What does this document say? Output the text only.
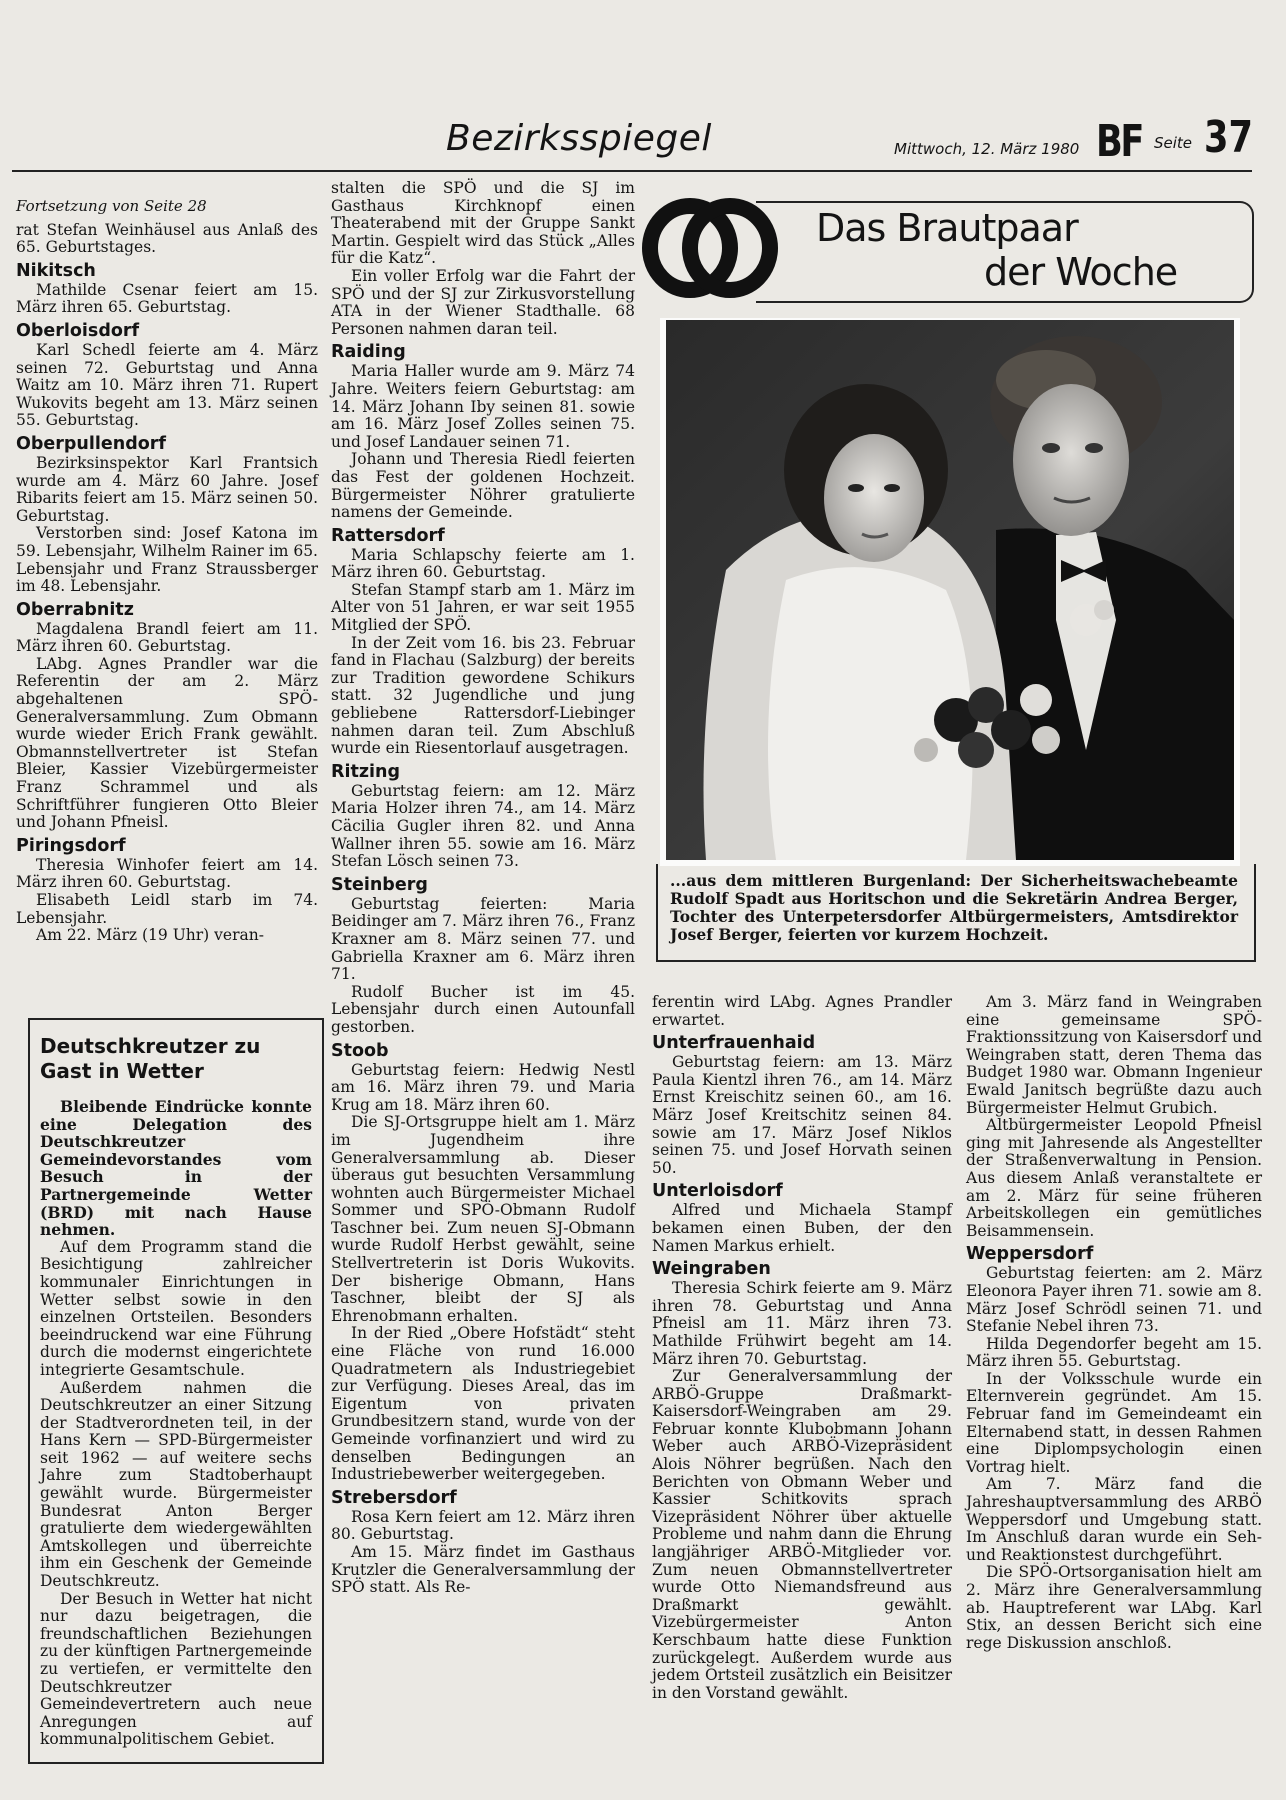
Bezirksspiegel	Mittwoch, 12. März 1980 BF Seite 37

Fortsetzung von Seite 28

rat Stefan Weinhäusel aus Anlaß des 65. Geburtstages.

Nikitsch

Mathilde Csenar feiert am 15. März ihren 65. Geburtstag.

Oberloisdorf

Karl Schedl feierte am 4. März seinen 72. Geburtstag und Anna Waitz am 10. März ihren 71. Rupert Wukovits begeht am 13. März seinen 55. Geburtstag.

Oberpullendorf

Bezirksinspektor Karl Frantsich wurde am 4. März 60 Jahre. Josef Ribarits feiert am 15. März seinen 50. Geburtstag.

Verstorben sind: Josef Katona im 59. Lebensjahr, Wilhelm Rainer im 65. Lebensjahr und Franz Straussberger im 48. Lebensjahr.

Oberrabnitz

Magdalena Brandl feiert am 11. März ihren 60. Geburtstag.

LAbg. Agnes Prandler war die Referentin der am 2. März abgehaltenen SPÖ-Generalversammlung. Zum Obmann wurde wieder Erich Frank gewählt. Obmannstellvertreter ist Stefan Bleier, Kassier Vizebürgermeister Franz Schrammel und als Schriftführer fungieren Otto Bleier und Johann Pfneisl.

Piringsdorf

Theresia Winhofer feiert am 14. März ihren 60. Geburtstag.

Elisabeth Leidl starb im 74. Lebensjahr.

Am 22. März (19 Uhr) veran-

Deutschkreutzer zu Gast in Wetter

Bleibende Eindrücke konnte eine Delegation des Deutschkreutzer Gemeindevorstandes vom Besuch in der Partnergemeinde Wetter (BRD) mit nach Hause nehmen.

Auf dem Programm stand die Besichtigung zahlreicher kommunaler Einrichtungen in Wetter selbst sowie in den einzelnen Ortsteilen. Besonders beeindruckend war eine Führung durch die modernst eingerichtete integrierte Gesamtschule.

Außerdem nahmen die Deutschkreutzer an einer Sitzung der Stadtverordneten teil, in der Hans Kern — SPD-Bürgermeister seit 1962 — auf weitere sechs Jahre zum Stadtoberhaupt gewählt wurde. Bürgermeister Bundesrat Anton Berger gratulierte dem wiedergewählten Amtskollegen und überreichte ihm ein Geschenk der Gemeinde Deutschkreutz.

Der Besuch in Wetter hat nicht nur dazu beigetragen, die freundschaftlichen Beziehungen zu der künftigen Partnergemeinde zu vertiefen, er vermittelte den Deutschkreutzer Gemeindevertretern auch neue Anregungen auf kommunalpolitischem Gebiet.

stalten die SPÖ und die SJ im Gasthaus Kirchknopf einen Theaterabend mit der Gruppe Sankt Martin. Gespielt wird das Stück „Alles für die Katz“.

Ein voller Erfolg war die Fahrt der SPÖ und der SJ zur Zirkusvorstellung ATA in der Wiener Stadthalle. 68 Personen nahmen daran teil.

Raiding

Maria Haller wurde am 9. März 74 Jahre. Weiters feiern Geburtstag: am 14. März Johann Iby seinen 81. sowie am 16. März Josef Zolles seinen 75. und Josef Landauer seinen 71.

Johann und Theresia Riedl feierten das Fest der goldenen Hochzeit. Bürgermeister Nöhrer gratulierte namens der Gemeinde.

Rattersdorf

Maria Schlapschy feierte am 1. März ihren 60. Geburtstag.

Stefan Stampf starb am 1. März im Alter von 51 Jahren, er war seit 1955 Mitglied der SPÖ.

In der Zeit vom 16. bis 23. Februar fand in Flachau (Salzburg) der bereits zur Tradition gewordene Schikurs statt. 32 Jugendliche und jung gebliebene Rattersdorf-Liebinger nahmen daran teil. Zum Abschluß wurde ein Riesentorlauf ausgetragen.

Ritzing

Geburtstag feiern: am 12. März Maria Holzer ihren 74., am 14. März Cäcilia Gugler ihren 82. und Anna Wallner ihren 55. sowie am 16. März Stefan Lösch seinen 73.

Steinberg

Geburtstag feierten: Maria Beidinger am 7. März ihren 76., Franz Kraxner am 8. März seinen 77. und Gabriella Kraxner am 6. März ihren 71.

Rudolf Bucher ist im 45. Lebensjahr durch einen Autounfall gestorben.

Stoob

Geburtstag feiern: Hedwig Nestl am 16. März ihren 79. und Maria Krug am 18. März ihren 60.

Die SJ-Ortsgruppe hielt am 1. März im Jugendheim ihre Generalversammlung ab. Dieser überaus gut besuchten Versammlung wohnten auch Bürgermeister Michael Sommer und SPÖ-Obmann Rudolf Taschner bei. Zum neuen SJ-Obmann wurde Rudolf Herbst gewählt, seine Stellvertreterin ist Doris Wukovits. Der bisherige Obmann, Hans Taschner, bleibt der SJ als Ehrenobmann erhalten.

In der Ried „Obere Hofstädt“ steht eine Fläche von rund 16.000 Quadratmetern als Industriegebiet zur Verfügung. Dieses Areal, das im Eigentum von privaten Grundbesitzern stand, wurde von der Gemeinde vorfinanziert und wird zu denselben Bedingungen an Industriebewerber weitergegeben.

Strebersdorf

Rosa Kern feiert am 12. März ihren 80. Geburtstag.

Am 15. März findet im Gasthaus Krutzler die Generalversammlung der SPÖ statt. Als Re-

Das Brautpaar
der Woche
...aus dem mittleren Burgenland: Der Sicherheitswachebeamte Rudolf Spadt aus Horitschon und die Sekretärin Andrea Berger, Tochter des Unterpetersdorfer Altbürgermeisters, Amtsdirektor Josef Berger, feierten vor kurzem Hochzeit.

ferentin wird LAbg. Agnes Prandler erwartet.

Unterfrauenhaid

Geburtstag feiern: am 13. März Paula Kientzl ihren 76., am 14. März Ernst Kreischitz seinen 60., am 16. März Josef Kreitschitz seinen 84. sowie am 17. März Josef Niklos seinen 75. und Josef Horvath seinen 50.

Unterloisdorf

Alfred und Michaela Stampf bekamen einen Buben, der den Namen Markus erhielt.

Weingraben

Theresia Schirk feierte am 9. März ihren 78. Geburtstag und Anna Pfneisl am 11. März ihren 73. Mathilde Frühwirt begeht am 14. März ihren 70. Geburtstag.

Zur Generalversammlung der ARBÖ-Gruppe Draßmarkt-Kaisersdorf-Weingraben am 29. Februar konnte Klubobmann Johann Weber auch ARBÖ-Vizepräsident Alois Nöhrer begrüßen. Nach den Berichten von Obmann Weber und Kassier Schitkovits sprach Vizepräsident Nöhrer über aktuelle Probleme und nahm dann die Ehrung langjähriger ARBÖ-Mitglieder vor. Zum neuen Obmannstellvertreter wurde Otto Niemandsfreund aus Draßmarkt gewählt. Vizebürgermeister Anton Kerschbaum hatte diese Funktion zurückgelegt. Außerdem wurde aus jedem Ortsteil zusätzlich ein Beisitzer in den Vorstand gewählt.

Am 3. März fand in Weingraben eine gemeinsame SPÖ-Fraktionssitzung von Kaisersdorf und Weingraben statt, deren Thema das Budget 1980 war. Obmann Ingenieur Ewald Janitsch begrüßte dazu auch Bürgermeister Helmut Grubich.

Altbürgermeister Leopold Pfneisl ging mit Jahresende als Angestellter der Straßenverwaltung in Pension. Aus diesem Anlaß veranstaltete er am 2. März für seine früheren Arbeitskollegen ein gemütliches Beisammensein.

Weppersdorf

Geburtstag feierten: am 2. März Eleonora Payer ihren 71. sowie am 8. März Josef Schrödl seinen 71. und Stefanie Nebel ihren 73.

Hilda Degendorfer begeht am 15. März ihren 55. Geburtstag.

In der Volksschule wurde ein Elternverein gegründet. Am 15. Februar fand im Gemeindeamt ein Elternabend statt, in dessen Rahmen eine Diplompsychologin einen Vortrag hielt.

Am 7. März fand die Jahreshauptversammlung des ARBÖ Weppersdorf und Umgebung statt. Im Anschluß daran wurde ein Seh- und Reaktionstest durchgeführt.

Die SPÖ-Ortsorganisation hielt am 2. März ihre Generalversammlung ab. Hauptreferent war LAbg. Karl Stix, an dessen Bericht sich eine rege Diskussion anschloß.
